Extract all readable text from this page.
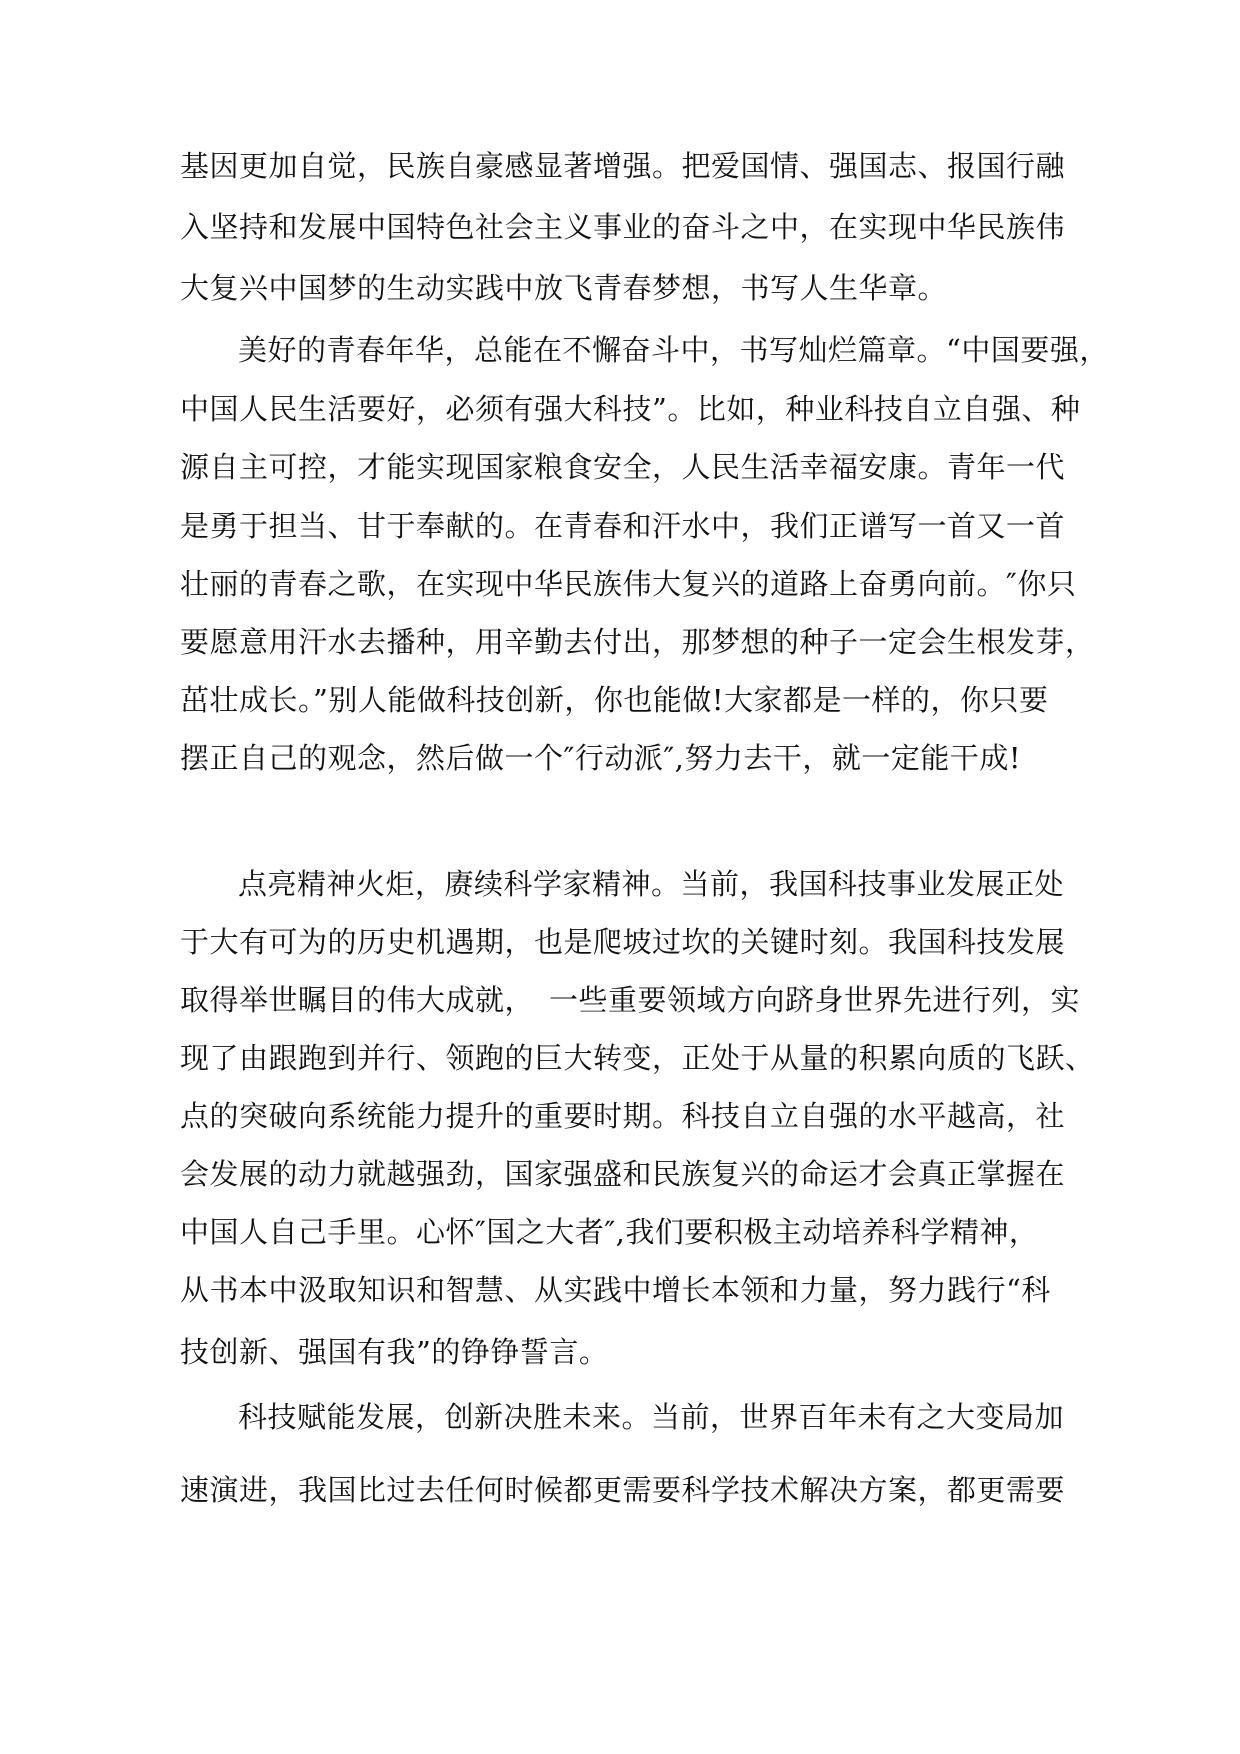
基因更加自觉，民族自豪感显著增强。把爱国情、强国志、报国行融
入坚持和发展中国特色社会主义事业的奋斗之中，在实现中华民族伟
大复兴中国梦的生动实践中放飞青春梦想，书写人生华章。
美好的青春年华，总能在不懈奋斗中，书写灿烂篇章。“中国要强，
中国人民生活要好，必须有强大科技”。比如，种业科技自立自强、种
源自主可控，才能实现国家粮食安全，人民生活幸福安康。青年一代
是勇于担当、甘于奉献的。在青春和汗水中，我们正谱写一首又一首
壮丽的青春之歌，在实现中华民族伟大复兴的道路上奋勇向前。″你只
要愿意用汗水去播种，用辛勤去付出，那梦想的种子一定会生根发芽，
茁壮成长。”别人能做科技创新，你也能做!大家都是一样的，你只要
摆正自己的观念，然后做一个″行动派″,努力去干，就一定能干成!
点亮精神火炬，赓续科学家精神。当前，我国科技事业发展正处
于大有可为的历史机遇期，也是爬坡过坎的关键时刻。我国科技发展
取得举世瞩目的伟大成就，　一些重要领域方向跻身世界先进行列，实
现了由跟跑到并行、领跑的巨大转变，正处于从量的积累向质的飞跃、
点的突破向系统能力提升的重要时期。科技自立自强的水平越高，社
会发展的动力就越强劲，国家强盛和民族复兴的命运才会真正掌握在
中国人自己手里。心怀″国之大者″,我们要积极主动培养科学精神，
从书本中汲取知识和智慧、从实践中增长本领和力量，努力践行“科
技创新、强国有我”的铮铮誓言。
科技赋能发展，创新决胜未来。当前，世界百年未有之大变局加
速演进，我国比过去任何时候都更需要科学技术解决方案，都更需要
